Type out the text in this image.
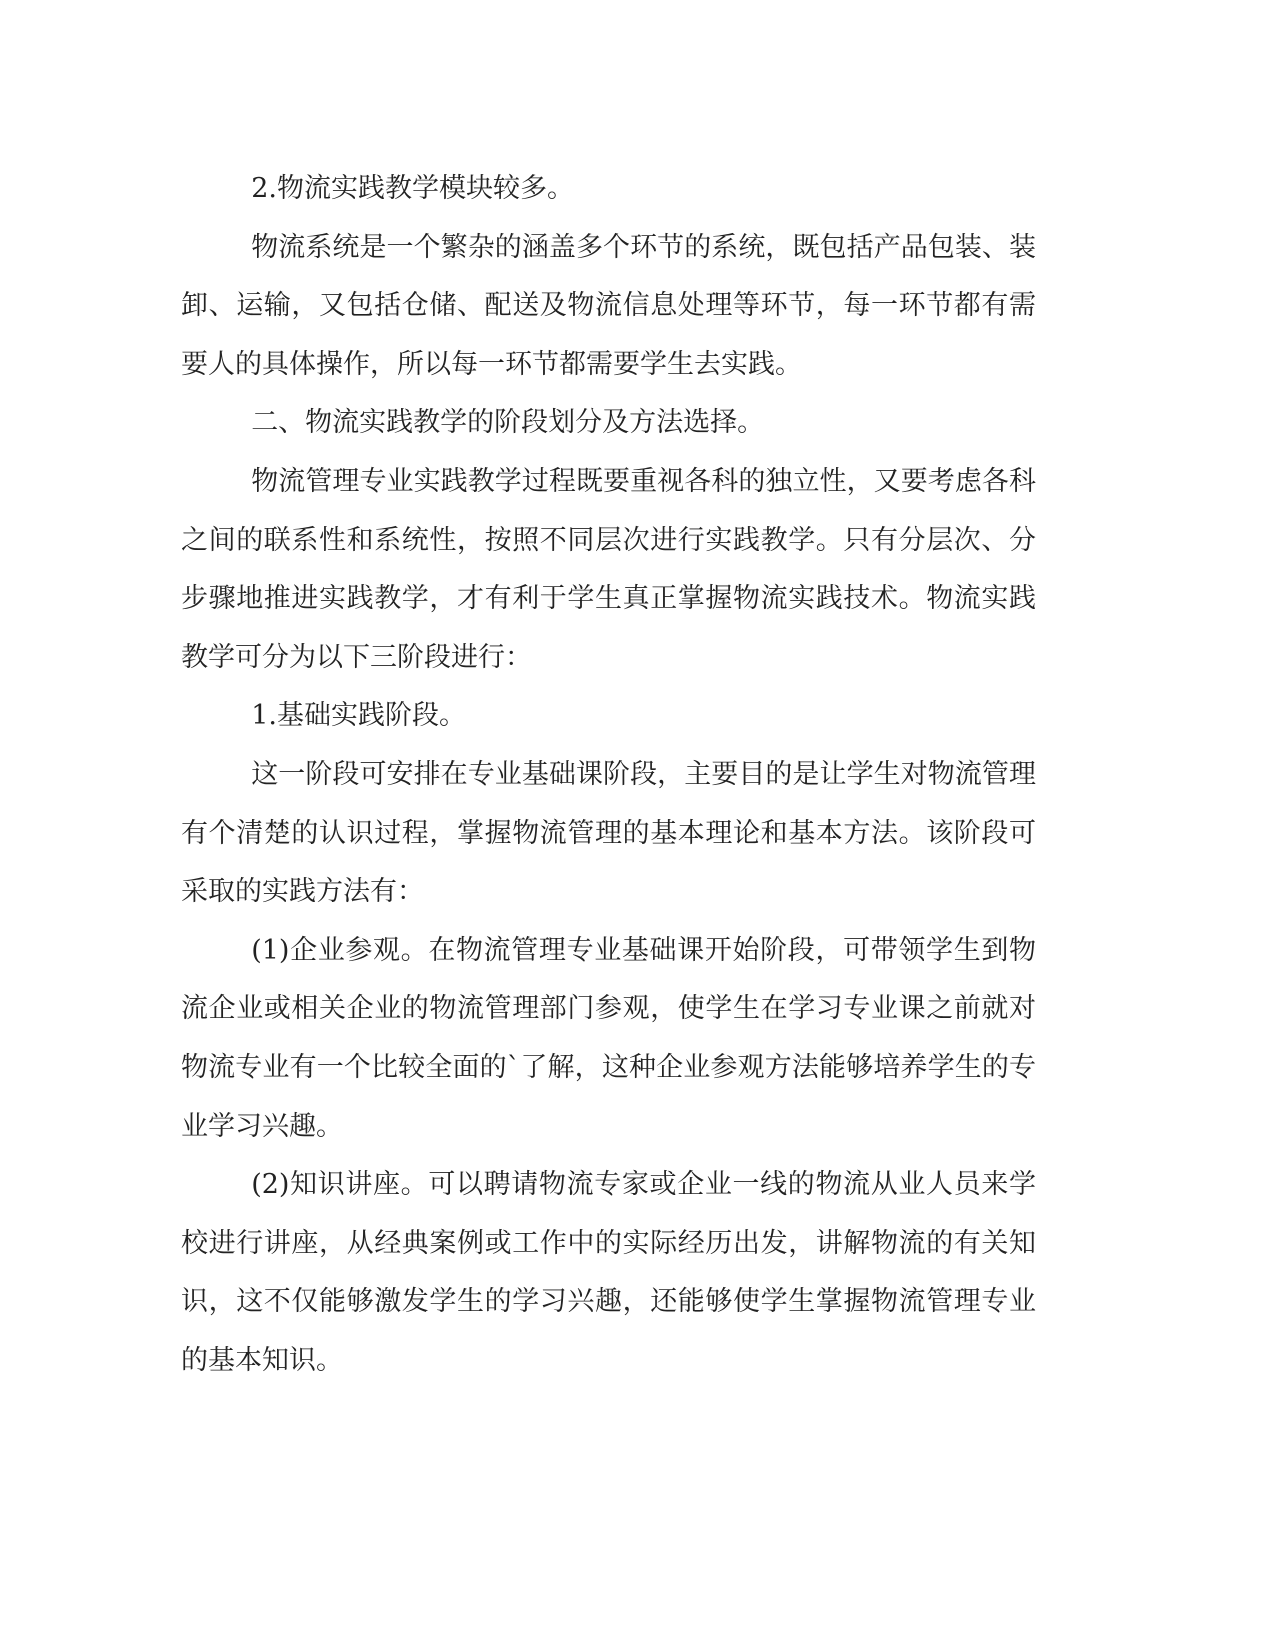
2.物流实践教学模块较多。

物流系统是一个繁杂的涵盖多个环节的系统，既包括产品包装、装卸、运输，又包括仓储、配送及物流信息处理等环节，每一环节都有需要人的具体操作，所以每一环节都需要学生去实践。

二、物流实践教学的阶段划分及方法选择。

物流管理专业实践教学过程既要重视各科的独立性，又要考虑各科之间的联系性和系统性，按照不同层次进行实践教学。只有分层次、分步骤地推进实践教学，才有利于学生真正掌握物流实践技术。物流实践教学可分为以下三阶段进行：

1.基础实践阶段。

这一阶段可安排在专业基础课阶段，主要目的是让学生对物流管理有个清楚的认识过程，掌握物流管理的基本理论和基本方法。该阶段可采取的实践方法有：

(1)企业参观。在物流管理专业基础课开始阶段，可带领学生到物流企业或相关企业的物流管理部门参观，使学生在学习专业课之前就对物流专业有一个比较全面的`了解，这种企业参观方法能够培养学生的专业学习兴趣。

(2)知识讲座。可以聘请物流专家或企业一线的物流从业人员来学校进行讲座，从经典案例或工作中的实际经历出发，讲解物流的有关知识，这不仅能够激发学生的学习兴趣，还能够使学生掌握物流管理专业的基本知识。
